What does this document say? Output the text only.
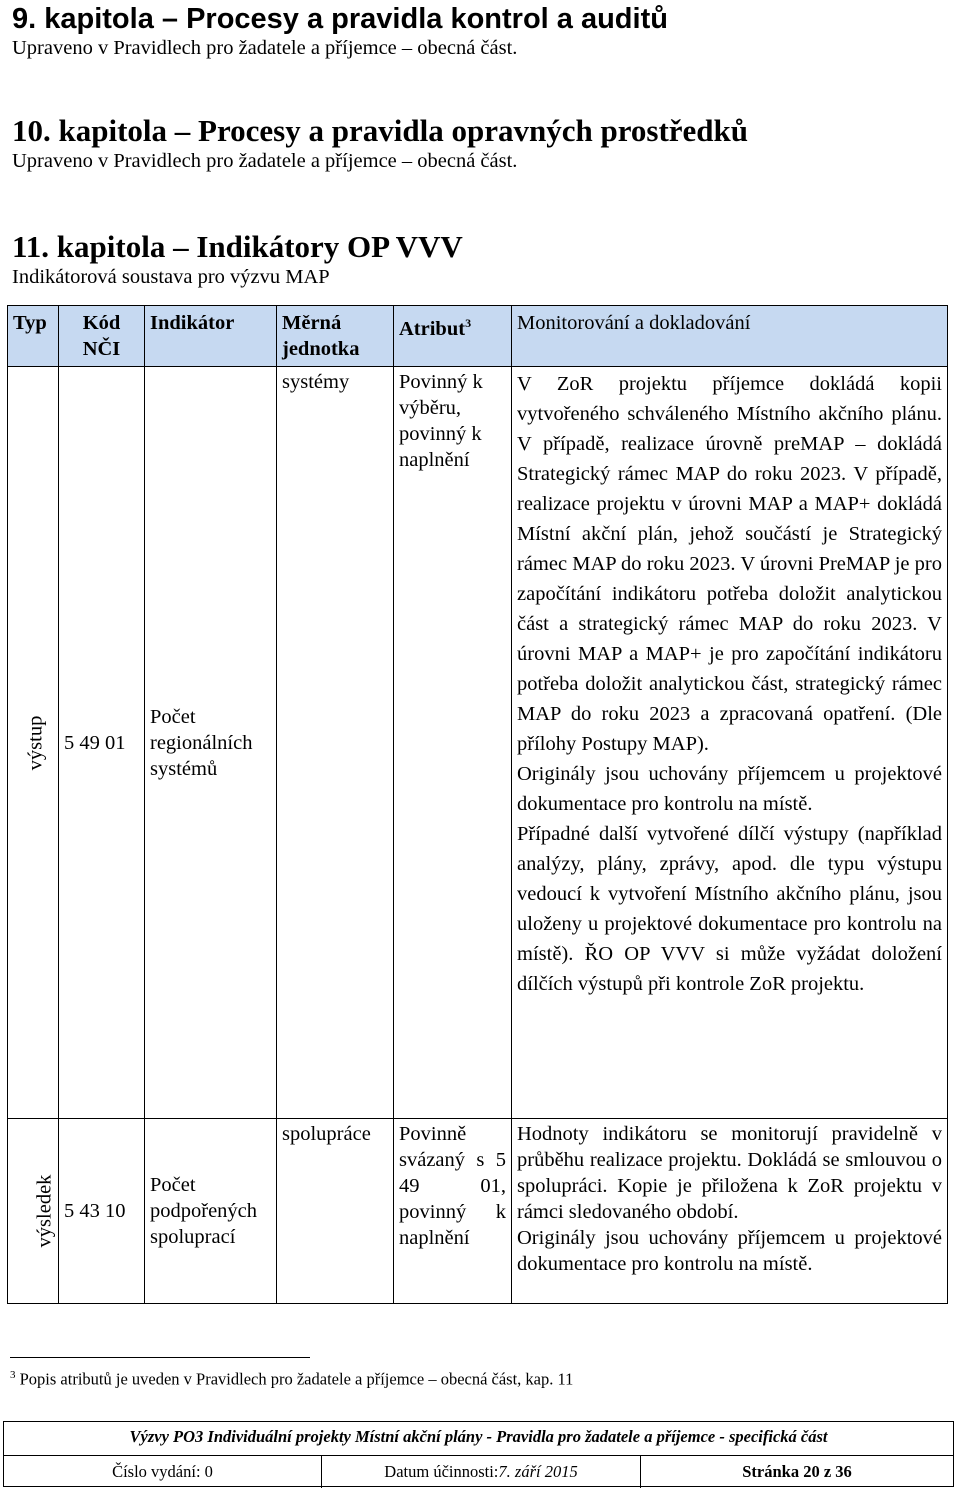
9. kapitola – Procesy a pravidla kontrol a auditů
Upraveno v Pravidlech pro žadatele a příjemce – obecná část.
10. kapitola – Procesy a pravidla opravných prostředků
Upraveno v Pravidlech pro žadatele a příjemce – obecná část.
11. kapitola – Indikátory OP VVV
Indikátorová soustava pro výzvu MAP
Typ	Kód NČI	Indikátor	Měrná jednotka	Atribut$^3$	Monitorování a dokladování
výstup	5 49 01	Počet regionálních systémů	systémy	Povinný k výběru, povinný k naplnění	V ZoR projektu příjemce dokládá kopii vytvořeného schváleného Místního akčního plánu. V případě, realizace úrovně preMAP – dokládá Strategický rámec MAP do roku 2023. V případě, realizace projektu v úrovni MAP a MAP+ dokládá Místní akční plán, jehož součástí je Strategický rámec MAP do roku 2023. V úrovni PreMAP je pro započítání indikátoru potřeba doložit analytickou část a strategický rámec MAP do roku 2023. V úrovni MAP a MAP+ je pro započítání indikátoru potřeba doložit analytickou část, strategický rámec MAP do roku 2023 a zpracovaná opatření. (Dle přílohy Postupy MAP).

Originály jsou uchovány příjemcem u projektové dokumentace pro kontrolu na místě.

Případné další vytvořené dílčí výstupy (například analýzy, plány, zprávy, apod. dle typu výstupu vedoucí k vytvoření Místního akčního plánu, jsou uloženy u projektové dokumentace pro kontrolu na místě). ŘO OP VVV si může vyžádat doložení dílčích výstupů při kontrole ZoR projektu.

výsledek	5 43 10	Počet podpořených spoluprací	spolupráce	Povinně svázaný s 5 49 01, povinný k naplnění	Hodnoty indikátoru se monitorují pravidelně v průběhu realizace projektu. Dokládá se smlouvou o spolupráci. Kopie je přiložena k ZoR projektu v rámci sledovaného období.

Originály jsou uchovány příjemcem u projektové dokumentace pro kontrolu na místě.

$^3$ Popis atributů je uveden v Pravidlech pro žadatele a příjemce – obecná část, kap. 11
Výzvy PO3 Individuální projekty Místní akční plány - Pravidla pro žadatele a příjemce - specifická část
Číslo vydání: 0	Datum účinnosti: 7. září 2015	Stránka 20 z 36
